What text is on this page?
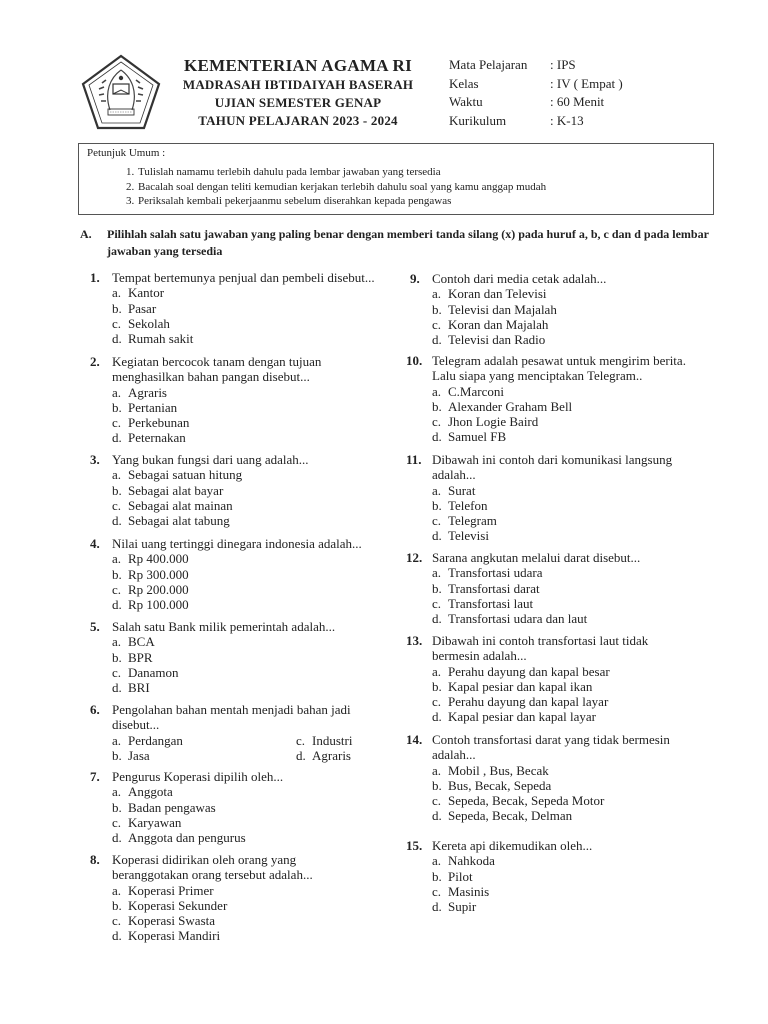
KEMENTERIAN AGAMA RI
MADRASAH IBTIDAIYAH BASERAH
UJIAN SEMESTER GENAP
TAHUN PELAJARAN 2023 - 2024
Mata Pelajaran : IPS
Kelas	: IV ( Empat )
Waktu	: 60 Menit
Kurikulum	: K-13
Petunjuk Umum :
1. Tulislah namamu terlebih dahulu pada lembar jawaban yang tersedia
2. Bacalah soal dengan teliti kemudian kerjakan terlebih dahulu soal yang kamu anggap mudah
3. Periksalah kembali pekerjaanmu sebelum diserahkan kepada pengawas
A.	Pilihlah salah satu jawaban yang paling benar dengan memberi tanda silang (x) pada huruf a, b, c dan d pada lembar jawaban yang tersedia
1. Tempat bertemunya penjual dan pembeli disebut...
a. Kantor
b. Pasar
c. Sekolah
d. Rumah sakit
2. Kegiatan bercocok tanam dengan tujuan
menghasilkan bahan pangan disebut...
a. Agraris
b. Pertanian
c. Perkebunan
d. Peternakan
3. Yang bukan fungsi dari uang adalah...
a. Sebagai satuan hitung
b. Sebagai alat bayar
c. Sebagai alat mainan
d. Sebagai alat tabung
4. Nilai uang tertinggi dinegara indonesia adalah...
a. Rp 400.000
b. Rp 300.000
c. Rp 200.000
d. Rp 100.000
5. Salah satu Bank milik pemerintah adalah...
a. BCA
b. BPR
c. Danamon
d. BRI
6. Pengolahan bahan mentah menjadi bahan jadi
disebut...
a. Perdangan
b. Jasa
c. Industri
d. Agraris
7. Pengurus Koperasi dipilih oleh...
a. Anggota
b. Badan pengawas
c. Karyawan
d. Anggota dan pengurus
8. Koperasi didirikan oleh orang yang
beranggotakan orang tersebut adalah...
a. Koperasi Primer
b. Koperasi Sekunder
c. Koperasi Swasta
d. Koperasi Mandiri
9. Contoh dari media cetak adalah...
a. Koran dan Televisi
b. Televisi dan Majalah
c. Koran dan Majalah
d. Televisi dan Radio
10. Telegram adalah pesawat untuk mengirim berita.
Lalu siapa yang menciptakan Telegram..
a. C.Marconi
b. Alexander Graham Bell
c. Jhon Logie Baird
d. Samuel FB
11. Dibawah ini contoh dari komunikasi langsung
adalah...
a. Surat
b. Telefon
c. Telegram
d. Televisi
12. Sarana angkutan melalui darat disebut...
a. Transfortasi udara
b. Transfortasi darat
c. Transfortasi laut
d. Transfortasi udara dan laut
13. Dibawah ini contoh transfortasi laut tidak
bermesin adalah...
a. Perahu dayung dan kapal besar
b. Kapal pesiar dan kapal ikan
c. Perahu dayung dan kapal layar
d. Kapal pesiar dan kapal layar
14. Contoh transfortasi darat yang tidak bermesin
adalah...
a. Mobil , Bus, Becak
b. Bus, Becak, Sepeda
c. Sepeda, Becak, Sepeda Motor
d. Sepeda, Becak, Delman
15. Kereta api dikemudikan oleh...
a. Nahkoda
b. Pilot
c. Masinis
d. Supir
